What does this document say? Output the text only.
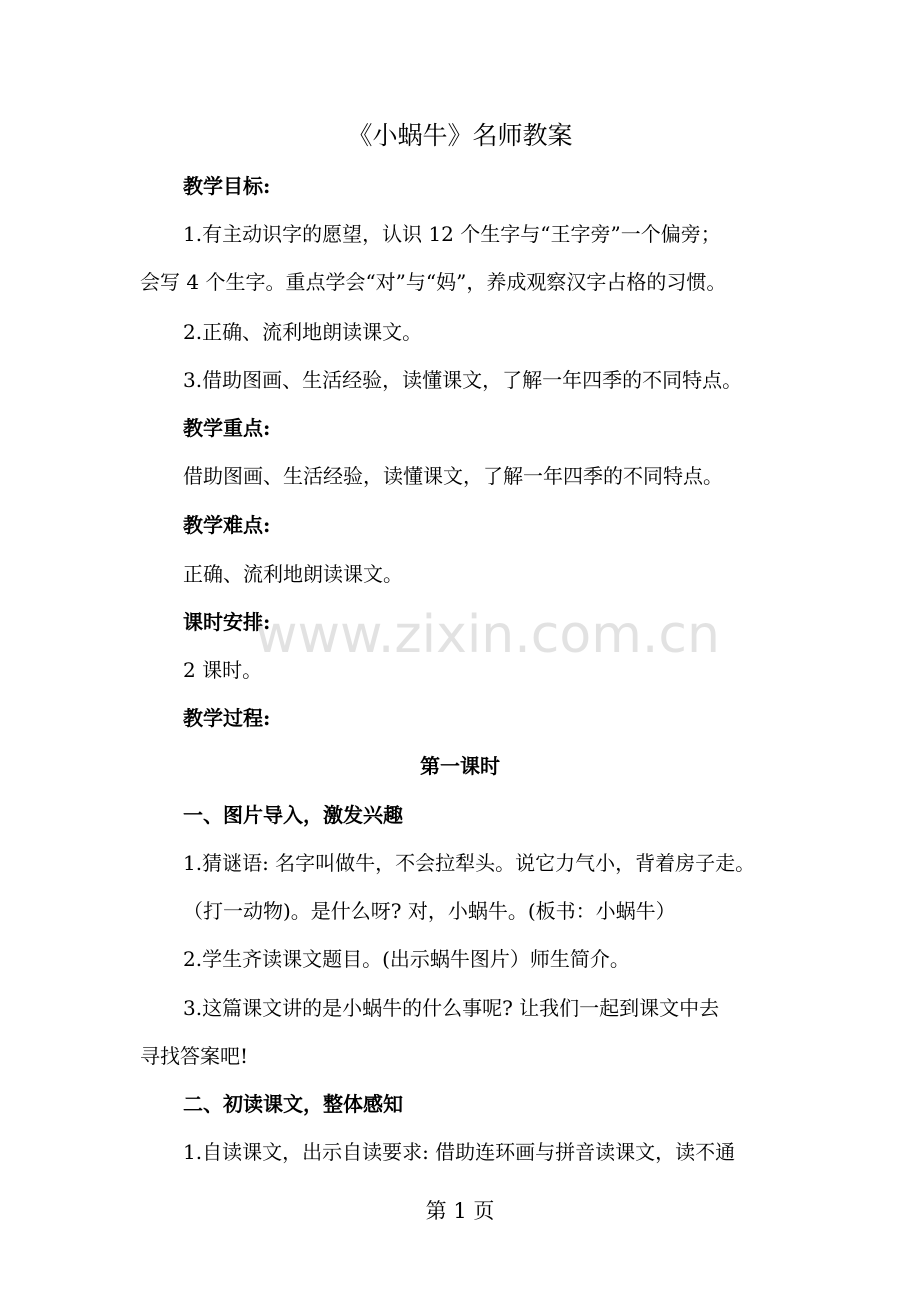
《小蜗牛》名师教案
教学目标:
1.有主动识字的愿望，认识 12 个生字与“王字旁”一个偏旁；
会写 4 个生字。重点学会“对”与“妈”，养成观察汉字占格的习惯。
2.正确、流利地朗读课文。
3.借助图画、生活经验，读懂课文，了解一年四季的不同特点。
教学重点:
借助图画、生活经验，读懂课文，了解一年四季的不同特点。
教学难点:
正确、流利地朗读课文。
课时安排:
2 课时。
教学过程:
第一课时
一、图片导入，激发兴趣
1.猜谜语: 名字叫做牛，不会拉犁头。说它力气小，背着房子走。
（打一动物)。是什么呀? 对，小蜗牛。(板书：小蜗牛）
2.学生齐读课文题目。(出示蜗牛图片）师生简介。
3.这篇课文讲的是小蜗牛的什么事呢? 让我们一起到课文中去
寻找答案吧!
二、初读课文，整体感知
1.自读课文，出示自读要求: 借助连环画与拼音读课文，读不通
第 1 页
www.zixin.com.cn
